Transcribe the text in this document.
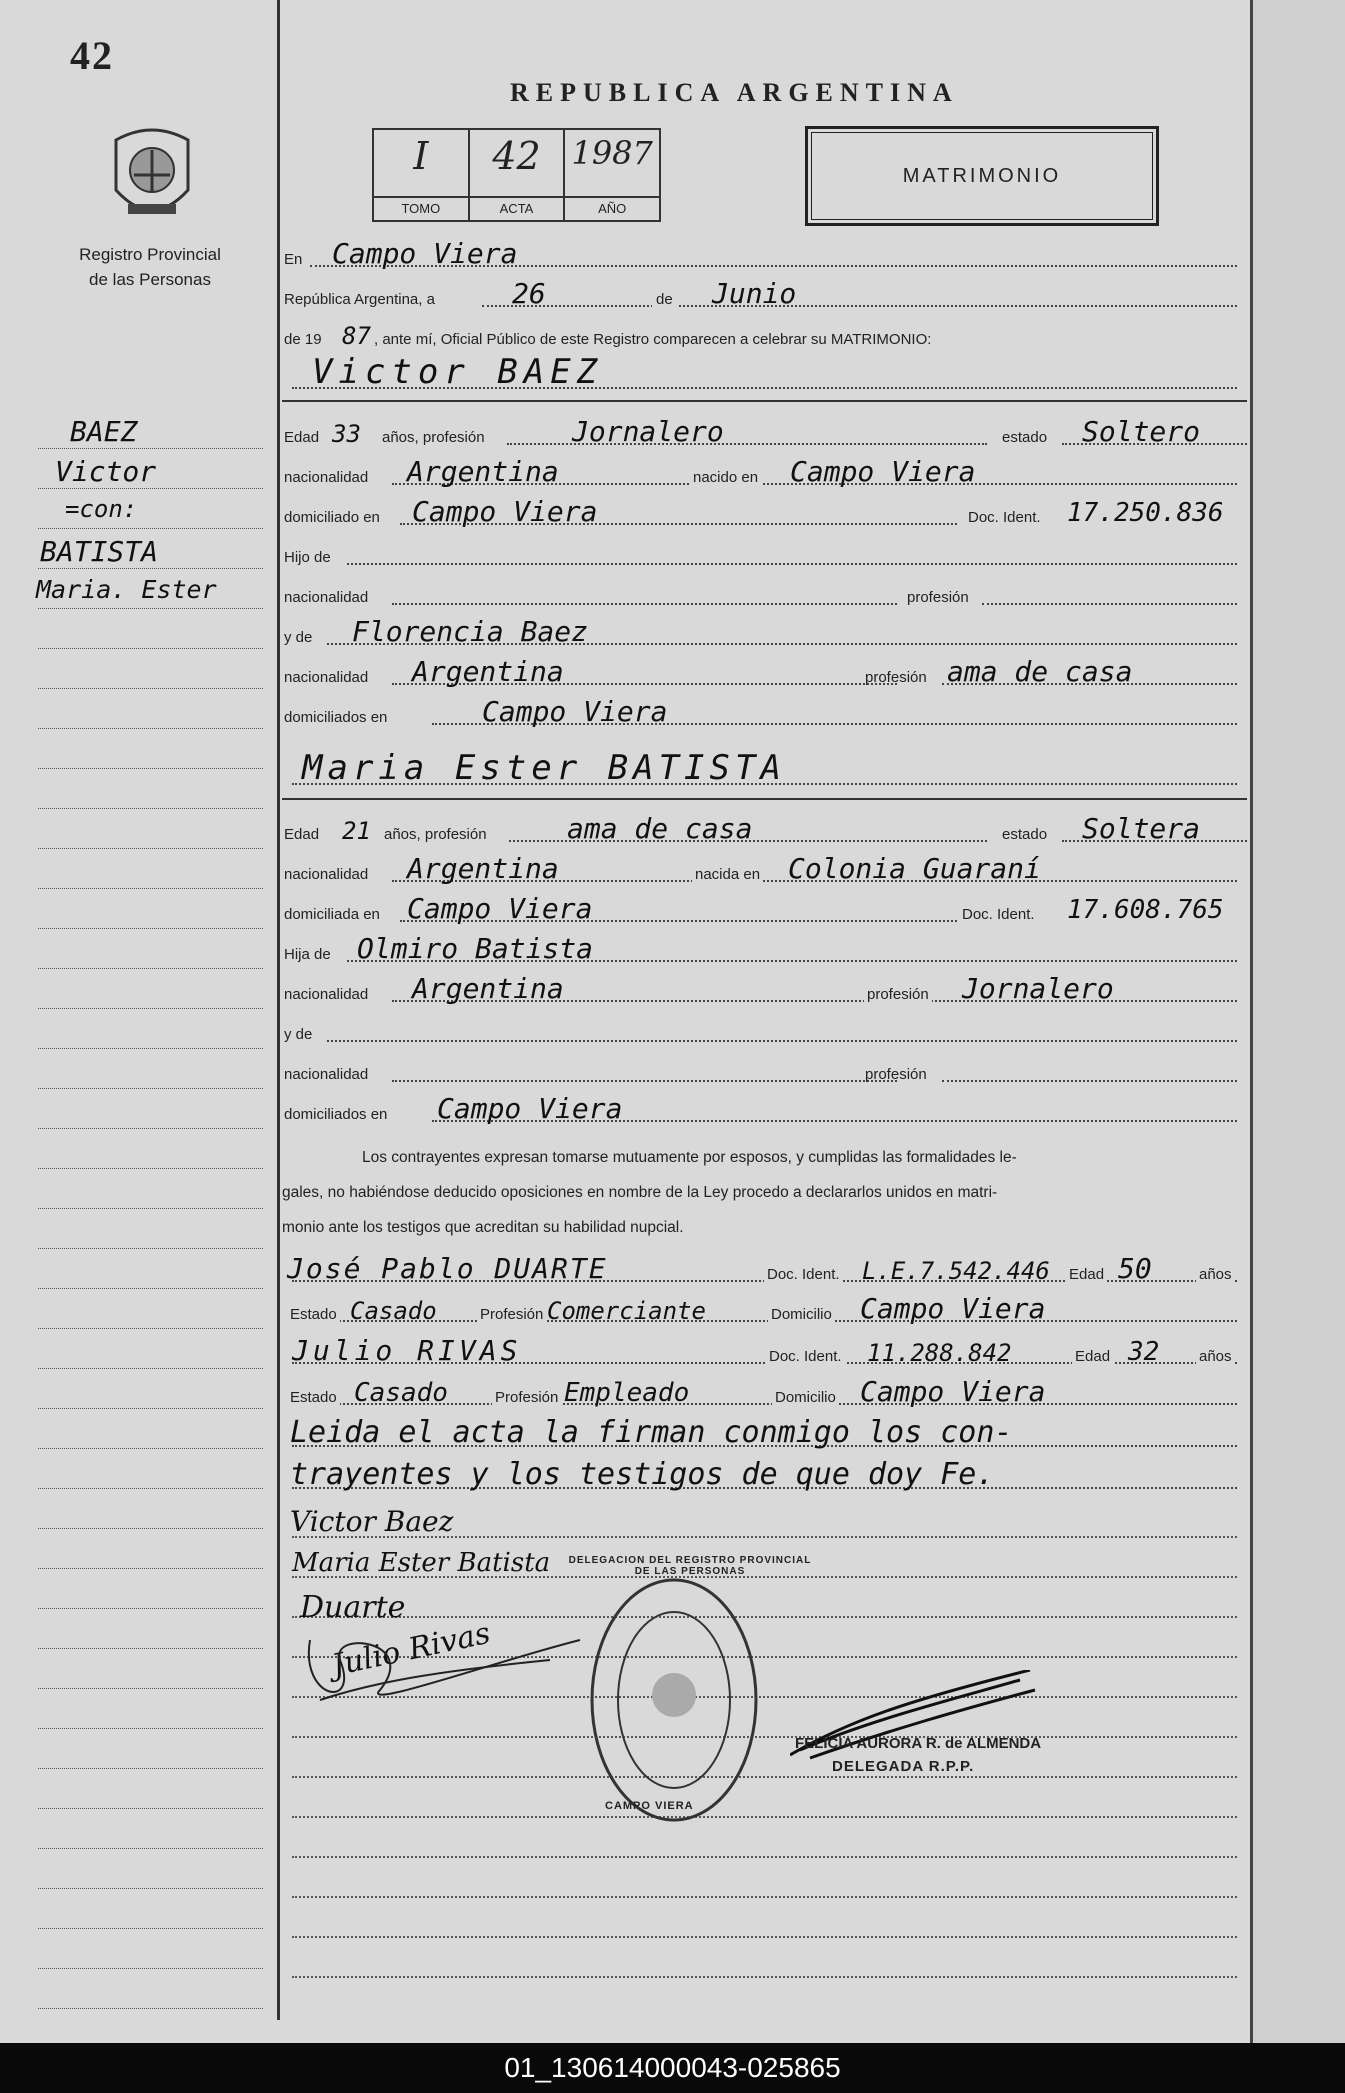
42
Registro Provincial
de las Personas
REPUBLICA ARGENTINA
I
TOMO
42
ACTA
1987
AÑO
MATRIMONIO
BAEZ
Victor
=con:
BATISTA
Maria. Ester
En Campo Viera
República Argentina, a	26	de Junio
de 19 87 , ante mí, Oficial Público de este Registro comparecen a celebrar su MATRIMONIO:
Victor BAEZ
Edad 33 años, profesión	Jornalero	estado Soltero
nacionalidad Argentina	nacido en Campo Viera
domiciliado en Campo Viera	Doc. Ident. 17.250.836
Hijo de
nacionalidad	profesión
y de Florencia Baez
nacionalidad Argentina	profesión ama de casa
domiciliados en	Campo Viera
Maria Ester BATISTA
Edad 21 años, profesión	ama de casa	estado Soltera
nacionalidad Argentina	nacida en Colonia Guaraní
domiciliada en Campo Viera	Doc. Ident. 17.608.765
Hija de Olmiro Batista
nacionalidad Argentina	profesión Jornalero
y de
nacionalidad	profesión
domiciliados en Campo Viera
Los contrayentes expresan tomarse mutuamente por esposos, y cumplidas las formalidades le-
gales, no habiéndose deducido oposiciones en nombre de la Ley procedo a declararlos unidos en matri-
monio ante los testigos que acreditan su habilidad nupcial.
José Pablo DUARTE	Doc. Ident. L.E.7.542.446 Edad 50	años
Estado Casado	Profesión Comerciante	Domicilio Campo Viera
Julio RIVAS	Doc. Ident. 11.288.842	Edad 32	años
Estado Casado	Profesión Empleado	Domicilio Campo Viera
Leida el acta la firman conmigo los con-
trayentes y los testigos de que doy Fe.
Victor Baez
Maria Ester Batista
Duarte
Julio Rivas
CAMPO VIERA
DELEGACION DEL REGISTRO PROVINCIAL DE LAS PERSONAS
FELICIA AURORA R. de ALMENDA
DELEGADA R.P.P.
01_130614000043-025865
